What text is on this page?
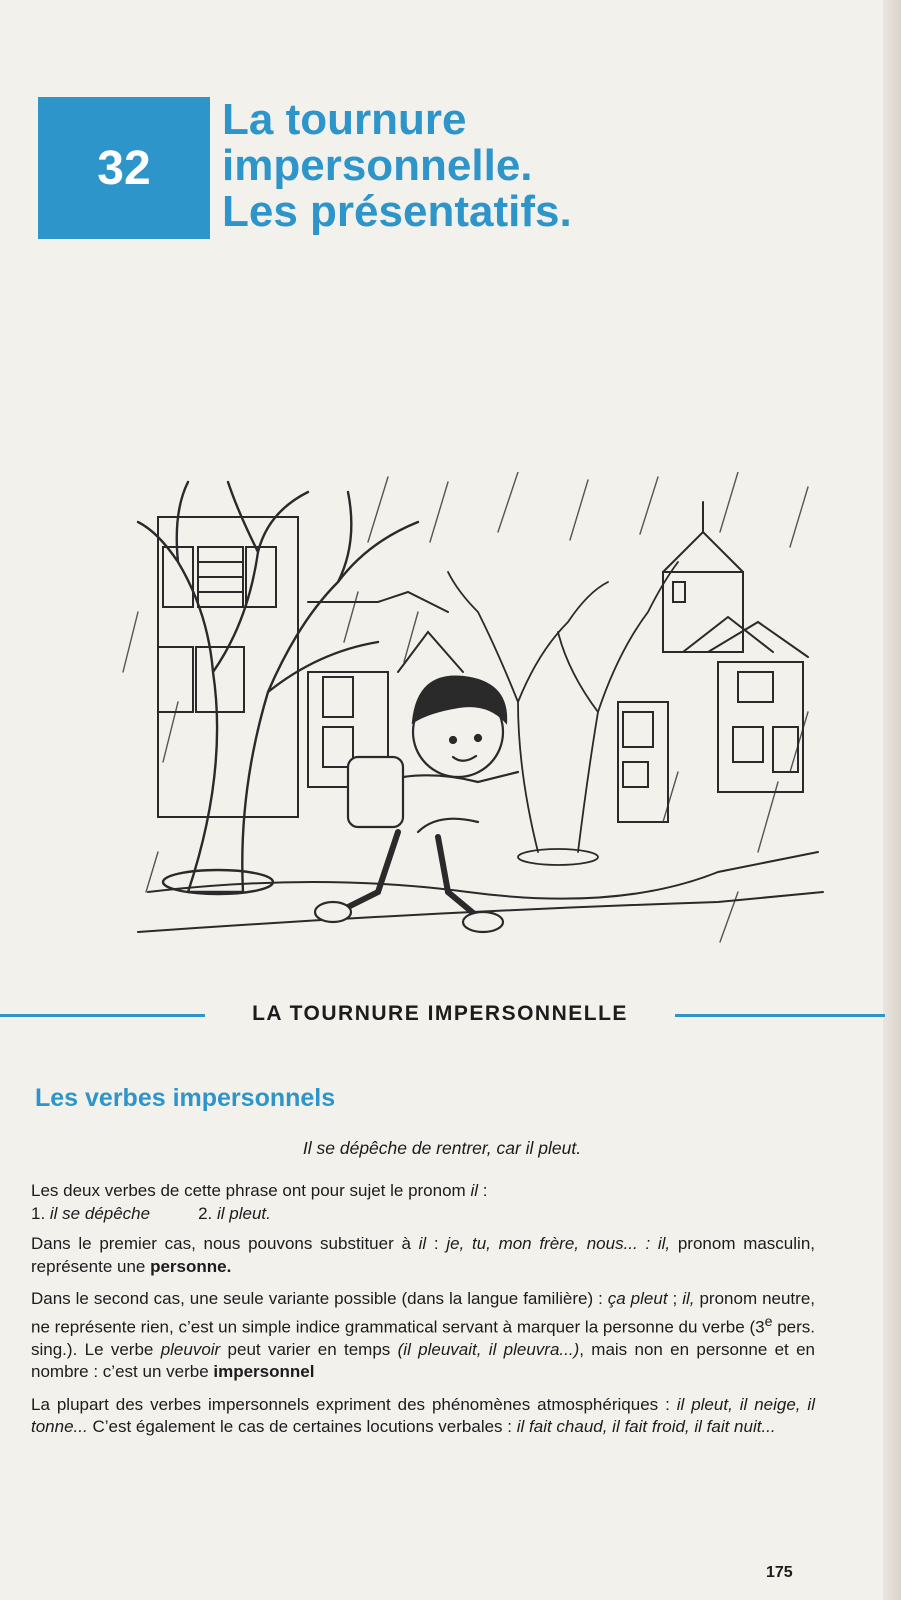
32
La tournure
impersonnelle.
Les présentatifs.
LA TOURNURE IMPERSONNELLE
Les verbes impersonnels

Il se dépêche de rentrer, car il pleut.

Les deux verbes de cette phrase ont pour sujet le pronom il :
1. il se dépêche	2. il pleut.

Dans le premier cas, nous pouvons substituer à il : je, tu, mon frère, nous... : il, pronom masculin, représente une personne.

Dans le second cas, une seule variante possible (dans la langue familière) : ça pleut ; il, pronom neutre, ne représente rien, c’est un simple indice grammatical servant à marquer la personne du verbe (3e pers. sing.). Le verbe pleuvoir peut varier en temps (il pleuvait, il pleuvra...), mais non en personne et en nombre : c’est un verbe impersonnel

La plupart des verbes impersonnels expriment des phénomènes atmosphériques : il pleut, il neige, il tonne... C’est également le cas de certaines locutions verbales : il fait chaud, il fait froid, il fait nuit...

175
